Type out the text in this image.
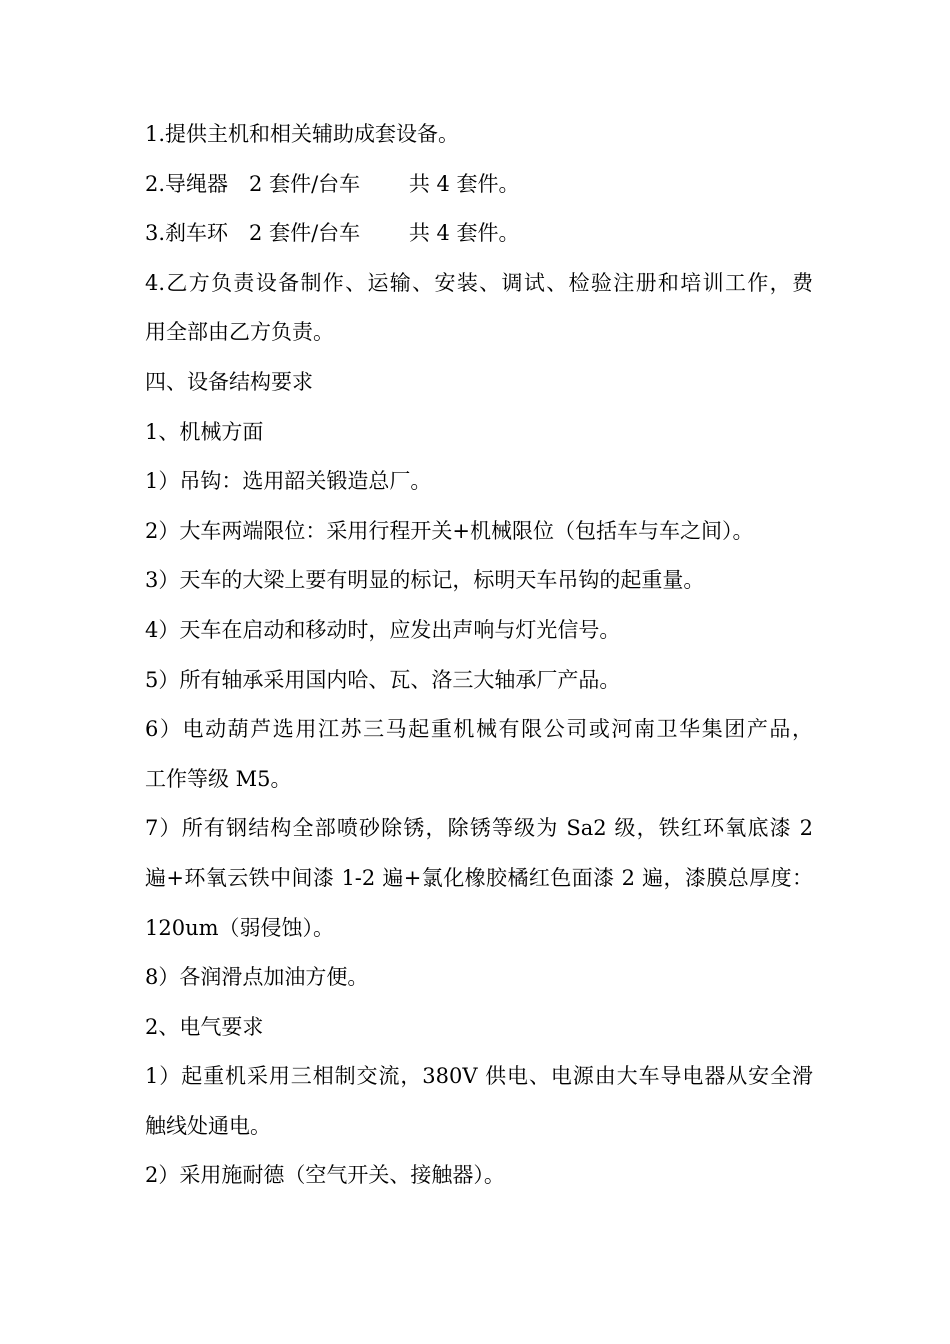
1.提供主机和相关辅助成套设备。

2.导绳器　2 套件/台车　　 共 4 套件。

3.刹车环　2 套件/台车　　 共 4 套件。

4.乙方负责设备制作、运输、安装、调试、检验注册和培训工作，费

用全部由乙方负责。

四、设备结构要求

1、机械方面

1）吊钩：选用韶关锻造总厂。

2）大车两端限位：采用行程开关+机械限位（包括车与车之间）。

3）天车的大梁上要有明显的标记，标明天车吊钩的起重量。

4）天车在启动和移动时，应发出声响与灯光信号。

5）所有轴承采用国内哈、瓦、洛三大轴承厂产品。

6）电动葫芦选用江苏三马起重机械有限公司或河南卫华集团产品，

工作等级 M5。

7）所有钢结构全部喷砂除锈，除锈等级为 Sa2 级，铁红环氧底漆 2

遍+环氧云铁中间漆 1-2 遍+氯化橡胶橘红色面漆 2 遍，漆膜总厚度：

120um（弱侵蚀）。

8）各润滑点加油方便。

2、电气要求

1）起重机采用三相制交流，380V 供电、电源由大车导电器从安全滑

触线处通电。

2）采用施耐德（空气开关、接触器）。
